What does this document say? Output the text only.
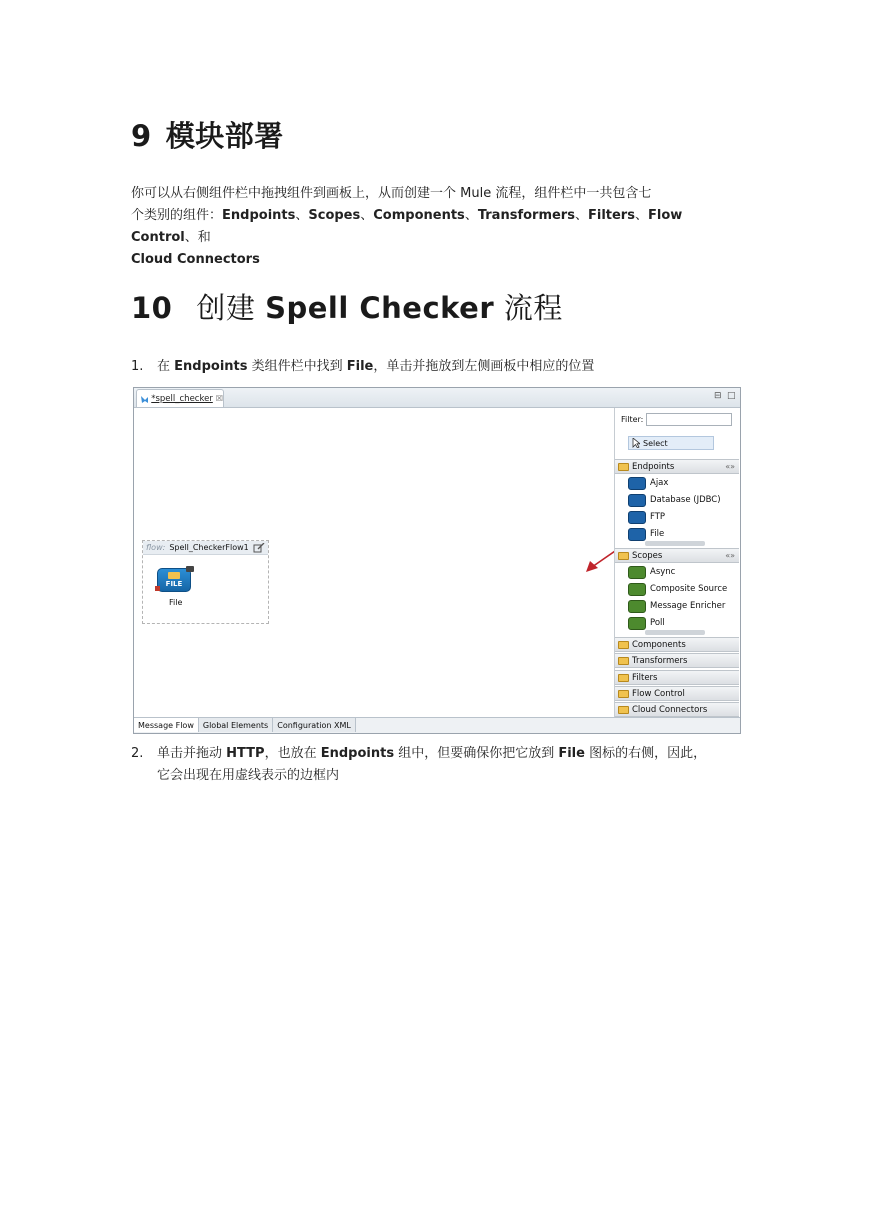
9 模块部署
你可以从右侧组件栏中拖拽组件到画板上，从而创建一个 Mule 流程，组件栏中一共包含七
个类别的组件：Endpoints、Scopes、Components、Transformers、Filters、Flow Control、和
Cloud Connectors
10 创建 Spell Checker 流程
1. 在 Endpoints 类组件栏中找到 File，单击并拖放到左侧画板中相应的位置
*spell_checker ☒	⊟ □
flow: Spell_CheckerFlow1
FILE
File
Filter:
Select
Endpoints	«»
Ajax
Database (JDBC)
FTP
File
Scopes	«»
Async
Composite Source
Message Enricher
Poll
Components
Transformers
Filters
Flow Control
Cloud Connectors
Message Flow	Global Elements	Configuration XML
2. 单击并拖动 HTTP，也放在 Endpoints 组中，但要确保你把它放到 File 图标的右侧，因此，
它会出现在用虚线表示的边框内
